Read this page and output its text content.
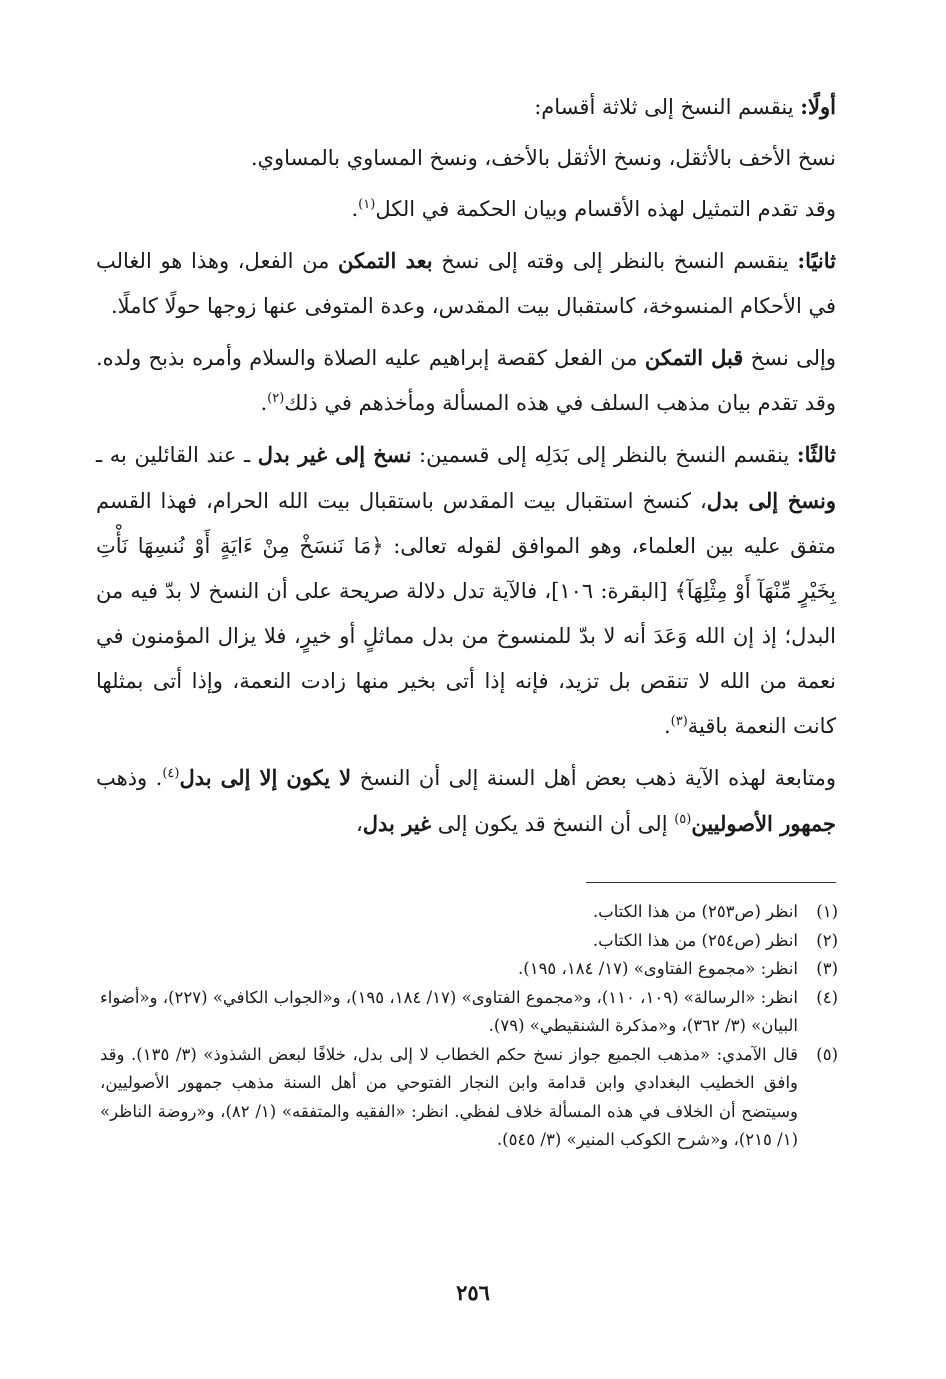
أولًا: ينقسم النسخ إلى ثلاثة أقسام:

نسخ الأخف بالأثقل، ونسخ الأثقل بالأخف، ونسخ المساوي بالمساوي.

وقد تقدم التمثيل لهذه الأقسام وبيان الحكمة في الكل$^{(١)}$.

ثانيًا: ينقسم النسخ بالنظر إلى وقته إلى نسخ بعد التمكن من الفعل، وهذا هو الغالب في الأحكام المنسوخة، كاستقبال بيت المقدس، وعدة المتوفى عنها زوجها حولًا كاملًا.

وإلى نسخ قبل التمكن من الفعل كقصة إبراهيم عليه الصلاة والسلام وأمره بذبح ولده. وقد تقدم بيان مذهب السلف في هذه المسألة ومأخذهم في ذلك$^{(٢)}$.

ثالثًا: ينقسم النسخ بالنظر إلى بَدَلِه إلى قسمين: نسخ إلى غير بدل ـ عند القائلين به ـ ونسخ إلى بدل، كنسخ استقبال بيت المقدس باستقبال بيت الله الحرام، فهذا القسم متفق عليه بين العلماء، وهو الموافق لقوله تعالى: ﴿مَا نَنسَخْ مِنْ ءَايَةٍ أَوْ نُنسِهَا نَأْتِ بِخَيْرٍ مِّنْهَآ أَوْ مِثْلِهَآ﴾ [البقرة: ١٠٦]، فالآية تدل دلالة صريحة على أن النسخ لا بدّ فيه من البدل؛ إذ إن الله وَعَدَ أنه لا بدّ للمنسوخ من بدل مماثلٍ أو خيرٍ، فلا يزال المؤمنون في نعمة من الله لا تنقص بل تزيد، فإنه إذا أتى بخير منها زادت النعمة، وإذا أتى بمثلها كانت النعمة باقية$^{(٣)}$.

ومتابعة لهذه الآية ذهب بعض أهل السنة إلى أن النسخ لا يكون إلا إلى بدل$^{(٤)}$. وذهب جمهور الأصوليين$^{(٥)}$ إلى أن النسخ قد يكون إلى غير بدل،

(١)
انظر (ص٢٥٣) من هذا الكتاب.
(٢)
انظر (ص٢٥٤) من هذا الكتاب.
(٣)
انظر: «مجموع الفتاوى» (١٧/ ١٨٤، ١٩٥).
(٤)
انظر: «الرسالة» (١٠٩، ١١٠)، و«مجموع الفتاوى» (١٧/ ١٨٤، ١٩٥)، و«الجواب الكافي» (٢٢٧)، و«أضواء البيان» (٣/ ٣٦٢)، و«مذكرة الشنقيطي» (٧٩).
(٥)
قال الآمدي: «مذهب الجميع جواز نسخ حكم الخطاب لا إلى بدل، خلافًا لبعض الشذوذ» (٣/ ١٣٥). وقد وافق الخطيب البغدادي وابن قدامة وابن النجار الفتوحي من أهل السنة مذهب جمهور الأصوليين، وسيتضح أن الخلاف في هذه المسألة خلاف لفظي. انظر: «الفقيه والمتفقه» (١/ ٨٢)، و«روضة الناظر» (١/ ٢١٥)، و«شرح الكوكب المنير» (٣/ ٥٤٥).
٢٥٦
